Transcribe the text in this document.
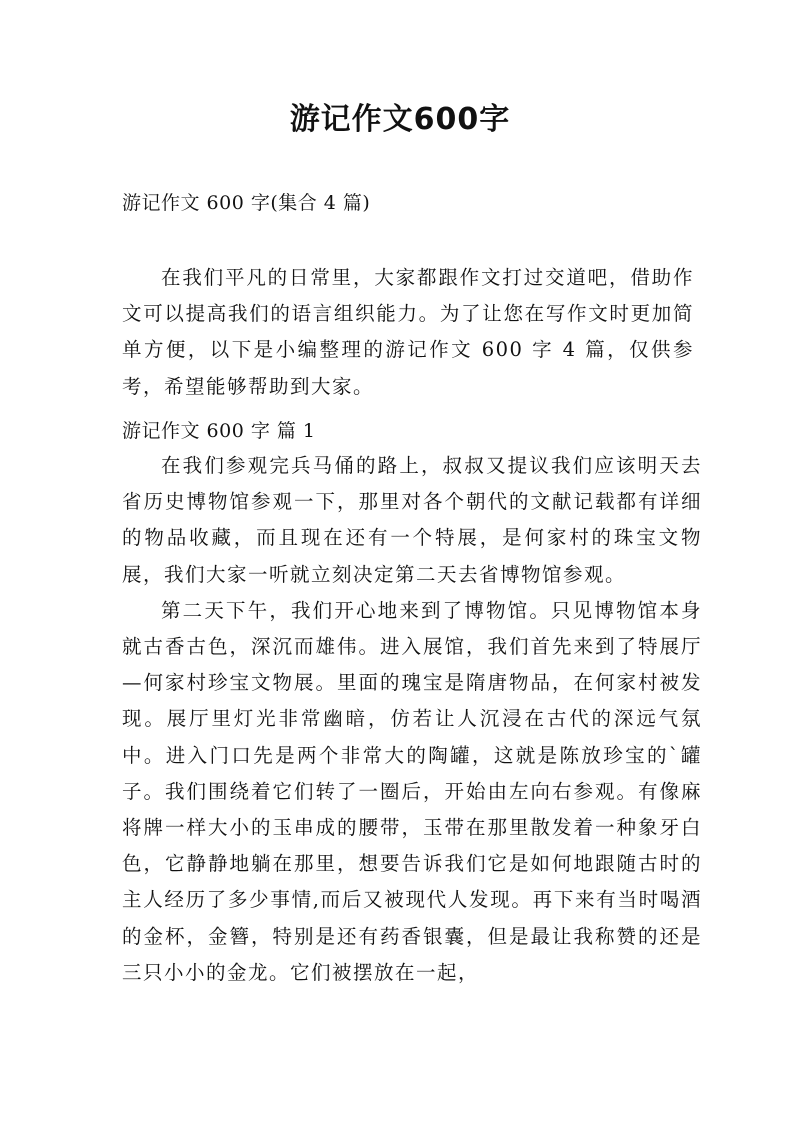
游记作文600字
游记作文 600 字(集合 4 篇)

在我们平凡的日常里，大家都跟作文打过交道吧，借助作文可以提高我们的语言组织能力。为了让您在写作文时更加简单方便，以下是小编整理的游记作文 600 字 4 篇，仅供参考，希望能够帮助到大家。

游记作文 600 字 篇 1

在我们参观完兵马俑的路上，叔叔又提议我们应该明天去省历史博物馆参观一下，那里对各个朝代的文献记载都有详细的物品收藏，而且现在还有一个特展，是何家村的珠宝文物展，我们大家一听就立刻决定第二天去省博物馆参观。

第二天下午，我们开心地来到了博物馆。只见博物馆本身就古香古色，深沉而雄伟。进入展馆，我们首先来到了特展厅—何家村珍宝文物展。里面的瑰宝是隋唐物品，在何家村被发现。展厅里灯光非常幽暗，仿若让人沉浸在古代的深远气氛中。进入门口先是两个非常大的陶罐，这就是陈放珍宝的`罐子。我们围绕着它们转了一圈后，开始由左向右参观。有像麻将牌一样大小的玉串成的腰带，玉带在那里散发着一种象牙白色，它静静地躺在那里，想要告诉我们它是如何地跟随古时的主人经历了多少事情,而后又被现代人发现。再下来有当时喝酒的金杯，金簪，特别是还有药香银囊，但是最让我称赞的还是三只小小的金龙。它们被摆放在一起，
